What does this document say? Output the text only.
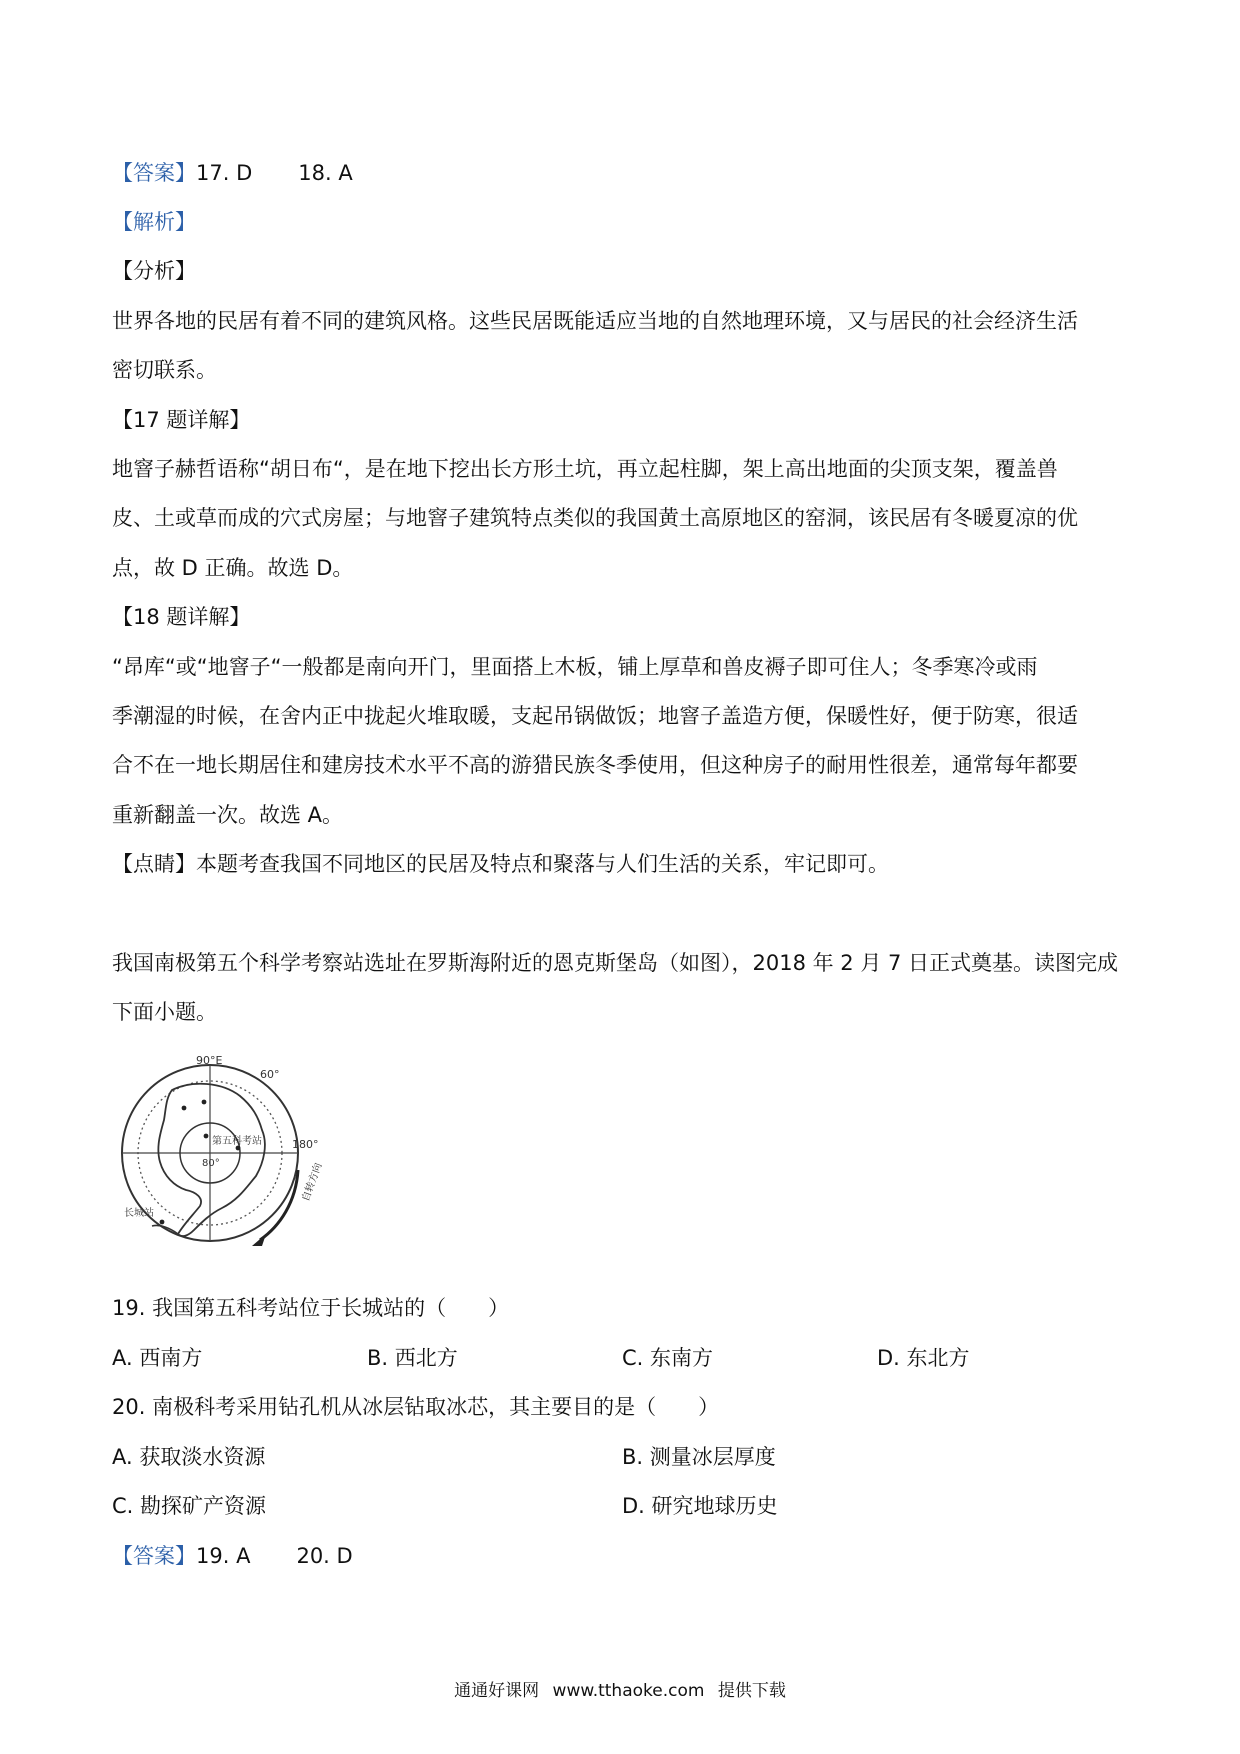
【答案】17. D 18. A
【解析】
【分析】
世界各地的民居有着不同的建筑风格。这些民居既能适应当地的自然地理环境，又与居民的社会经济生活
密切联系。
【17 题详解】
地窨子赫哲语称“胡日布“，是在地下挖出长方形土坑，再立起柱脚，架上高出地面的尖顶支架，覆盖兽
皮、土或草而成的穴式房屋；与地窨子建筑特点类似的我国黄土高原地区的窑洞，该民居有冬暖夏凉的优
点，故 D 正确。故选 D。
【18 题详解】
“昂库“或“地窨子“一般都是南向开门，里面搭上木板，铺上厚草和兽皮褥子即可住人；冬季寒冷或雨
季潮湿的时候，在舍内正中拢起火堆取暖，支起吊锅做饭；地窨子盖造方便，保暖性好，便于防寒，很适
合不在一地长期居住和建房技术水平不高的游猎民族冬季使用，但这种房子的耐用性很差，通常每年都要
重新翻盖一次。故选 A。
【点睛】本题考查我国不同地区的民居及特点和聚落与人们生活的关系，牢记即可。
我国南极第五个科学考察站选址在罗斯海附近的恩克斯堡岛（如图），2018 年 2 月 7 日正式奠基。读图完成
下面小题。
90°E
60°
180°
80°
第五科考站
长城站
自转方向
19. 我国第五科考站位于长城站的（　　）
A. 西南方	B. 西北方	C. 东南方	D. 东北方
20. 南极科考采用钻孔机从冰层钻取冰芯，其主要目的是（　　）
A. 获取淡水资源	B. 测量冰层厚度
C. 勘探矿产资源	D. 研究地球历史
【答案】19. A 20. D
通通好课网 www.tthaoke.com 提供下载
